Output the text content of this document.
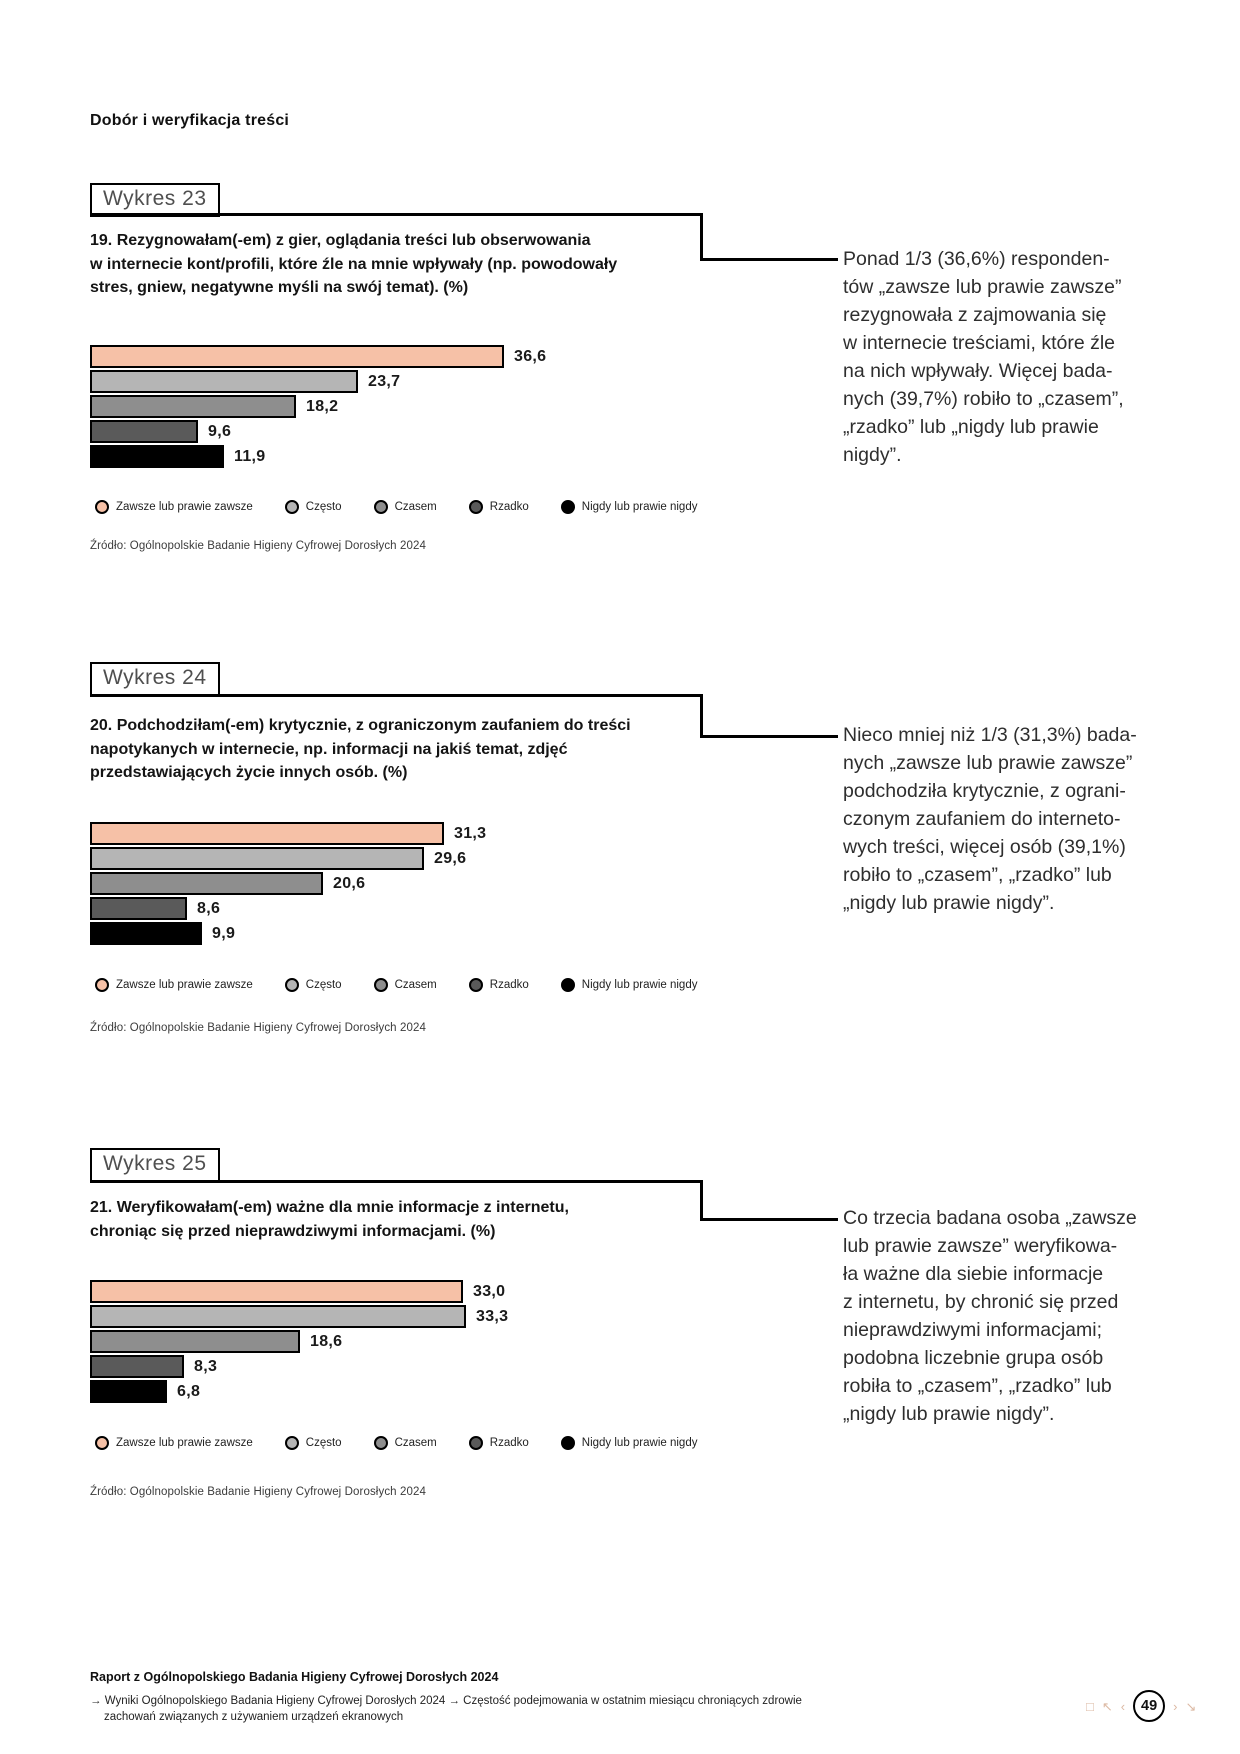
Dobór i weryfikacja treści
Wykres 23
19. Rezygnowałam(-em) z gier, oglądania treści lub obserwowania
w internecie kont/profili, które źle na mnie wpływały (np. powodowały
stres, gniew, negatywne myśli na swój temat). (%)
36,6
23,7
18,2
9,6
11,9
Zawsze lub prawie zawsze	Często	Czasem	Rzadko	Nigdy lub prawie nigdy
Źródło: Ogólnopolskie Badanie Higieny Cyfrowej Dorosłych 2024
Ponad 1/3 (36,6%) responden-
tów „zawsze lub prawie zawsze”
rezygnowała z zajmowania się
w internecie treściami, które źle
na nich wpływały. Więcej bada-
nych (39,7%) robiło to „czasem”,
„rzadko” lub „nigdy lub prawie
nigdy”.
Wykres 24
20. Podchodziłam(-em) krytycznie, z ograniczonym zaufaniem do treści
napotykanych w internecie, np. informacji na jakiś temat, zdjęć
przedstawiających życie innych osób. (%)
31,3
29,6
20,6
8,6
9,9
Zawsze lub prawie zawsze	Często	Czasem	Rzadko	Nigdy lub prawie nigdy
Źródło: Ogólnopolskie Badanie Higieny Cyfrowej Dorosłych 2024
Nieco mniej niż 1/3 (31,3%) bada-
nych „zawsze lub prawie zawsze”
podchodziła krytycznie, z ograni-
czonym zaufaniem do interneto-
wych treści, więcej osób (39,1%)
robiło to „czasem”, „rzadko” lub
„nigdy lub prawie nigdy”.
Wykres 25
21. Weryfikowałam(-em) ważne dla mnie informacje z internetu,
chroniąc się przed nieprawdziwymi informacjami. (%)
33,0
33,3
18,6
8,3
6,8
Zawsze lub prawie zawsze	Często	Czasem	Rzadko	Nigdy lub prawie nigdy
Źródło: Ogólnopolskie Badanie Higieny Cyfrowej Dorosłych 2024
Co trzecia badana osoba „zawsze
lub prawie zawsze” weryfikowa-
ła ważne dla siebie informacje
z internetu, by chronić się przed
nieprawdziwymi informacjami;
podobna liczebnie grupa osób
robiła to „czasem”, „rzadko” lub
„nigdy lub prawie nigdy”.
Raport z Ogólnopolskiego Badania Higieny Cyfrowej Dorosłych 2024
→ Wyniki Ogólnopolskiego Badania Higieny Cyfrowej Dorosłych 2024 → Częstość podejmowania w ostatnim miesiącu chroniących zdrowie
zachowań związanych z używaniem urządzeń ekranowych
□ ↖ ‹ 49 › ↘
